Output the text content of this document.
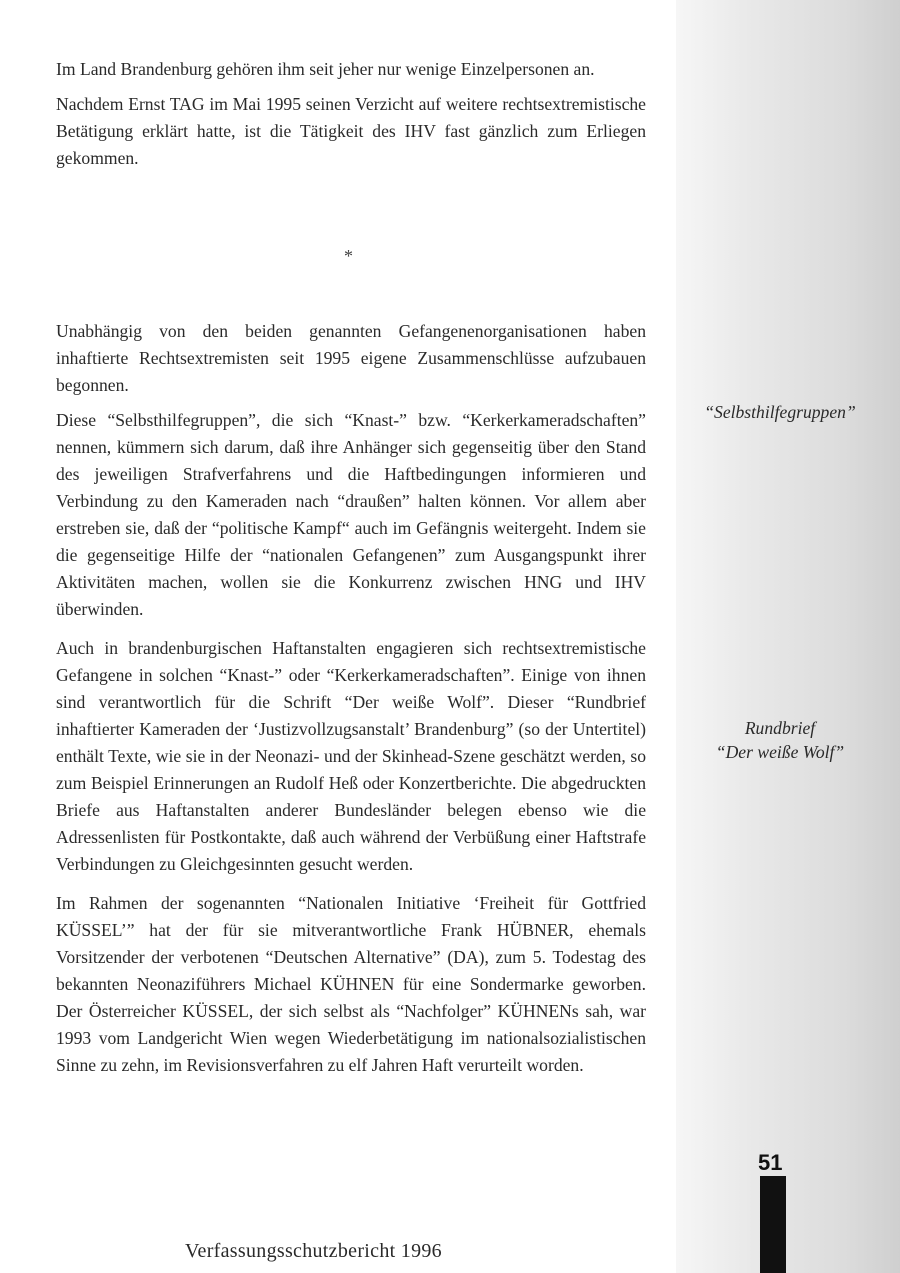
Im Land Brandenburg gehören ihm seit jeher nur wenige Einzelpersonen an.

Nachdem Ernst TAG im Mai 1995 seinen Verzicht auf weitere rechtsextremistische Betätigung erklärt hatte, ist die Tätigkeit des IHV fast gänzlich zum Erliegen gekommen.

*

Unabhängig von den beiden genannten Gefangenenorganisationen haben inhaftierte Rechtsextremisten seit 1995 eigene Zusammenschlüsse aufzubauen begonnen.

Diese “Selbsthilfegruppen”, die sich “Knast-” bzw. “Kerkerkameradschaften” nennen, kümmern sich darum, daß ihre Anhänger sich gegenseitig über den Stand des jeweiligen Strafverfahrens und die Haftbedingungen informieren und Verbindung zu den Kameraden nach “draußen” halten können. Vor allem aber erstreben sie, daß der “politische Kampf“ auch im Gefängnis weitergeht. Indem sie die gegenseitige Hilfe der “nationalen Gefangenen” zum Ausgangspunkt ihrer Aktivitäten machen, wollen sie die Konkurrenz zwischen HNG und IHV überwinden.

Auch in brandenburgischen Haftanstalten engagieren sich rechtsextremistische Gefangene in solchen “Knast-” oder “Kerkerkameradschaften”. Einige von ihnen sind verantwortlich für die Schrift “Der weiße Wolf”. Dieser “Rundbrief inhaftierter Kameraden der ‘Justizvollzugsanstalt’ Brandenburg” (so der Untertitel) enthält Texte, wie sie in der Neonazi- und der Skinhead-Szene geschätzt werden, so zum Beispiel Erinnerungen an Rudolf Heß oder Konzertberichte. Die abgedruckten Briefe aus Haftanstalten anderer Bundesländer belegen ebenso wie die Adressenlisten für Postkontakte, daß auch während der Verbüßung einer Haftstrafe Verbindungen zu Gleichgesinnten gesucht werden.

Im Rahmen der sogenannten “Nationalen Initiative ‘Freiheit für Gottfried KÜSSEL’” hat der für sie mitverantwortliche Frank HÜBNER, ehemals Vorsitzender der verbotenen “Deutschen Alternative” (DA), zum 5. Todestag des bekannten Neonaziführers Michael KÜHNEN für eine Sondermarke geworben. Der Österreicher KÜSSEL, der sich selbst als “Nachfolger” KÜHNENs sah, war 1993 vom Landgericht Wien wegen Wiederbetätigung im nationalsozialistischen Sinne zu zehn, im Revisionsverfahren zu elf Jahren Haft verurteilt worden.

“Selbsthilfegruppen”
Rundbrief
“Der weiße Wolf”
51
Verfassungsschutzbericht 1996
